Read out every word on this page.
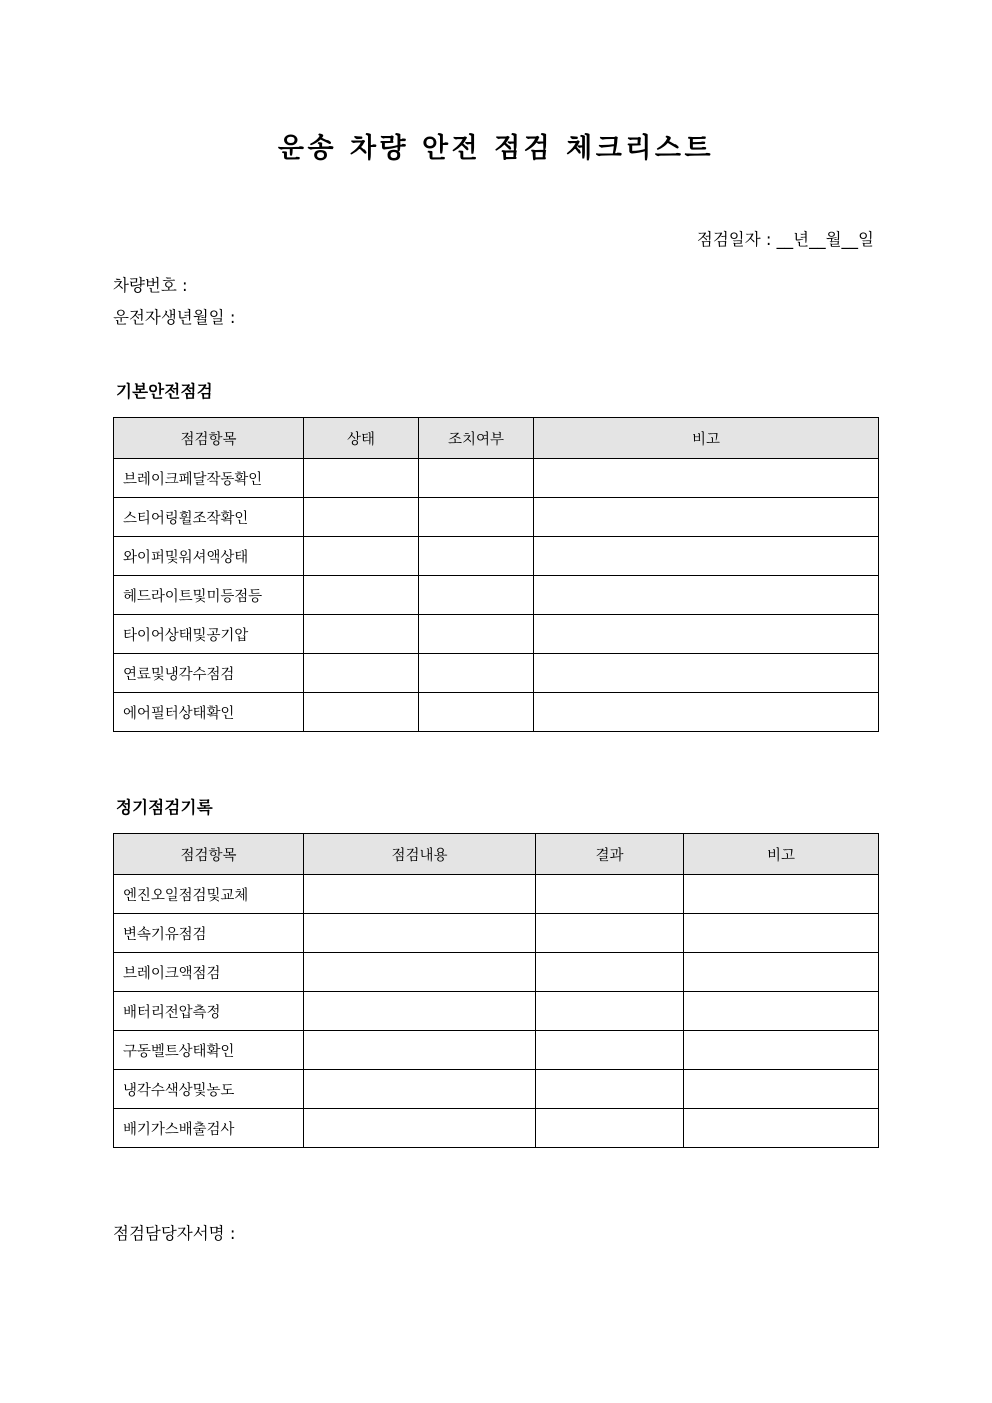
운송 차량 안전 점검 체크리스트
점검일자 : __년__월__일
차량번호 :
운전자생년월일 :
기본안전점검
점검항목	상태	조치여부	비고
브레이크페달작동확인			
스티어링휠조작확인			
와이퍼및워셔액상태			
헤드라이트및미등점등			
타이어상태및공기압			
연료및냉각수점검			
에어필터상태확인			
정기점검기록
점검항목	점검내용	결과	비고
엔진오일점검및교체			
변속기유점검			
브레이크액점검			
배터리전압측정			
구동벨트상태확인			
냉각수색상및농도			
배기가스배출검사			
점검담당자서명 :
